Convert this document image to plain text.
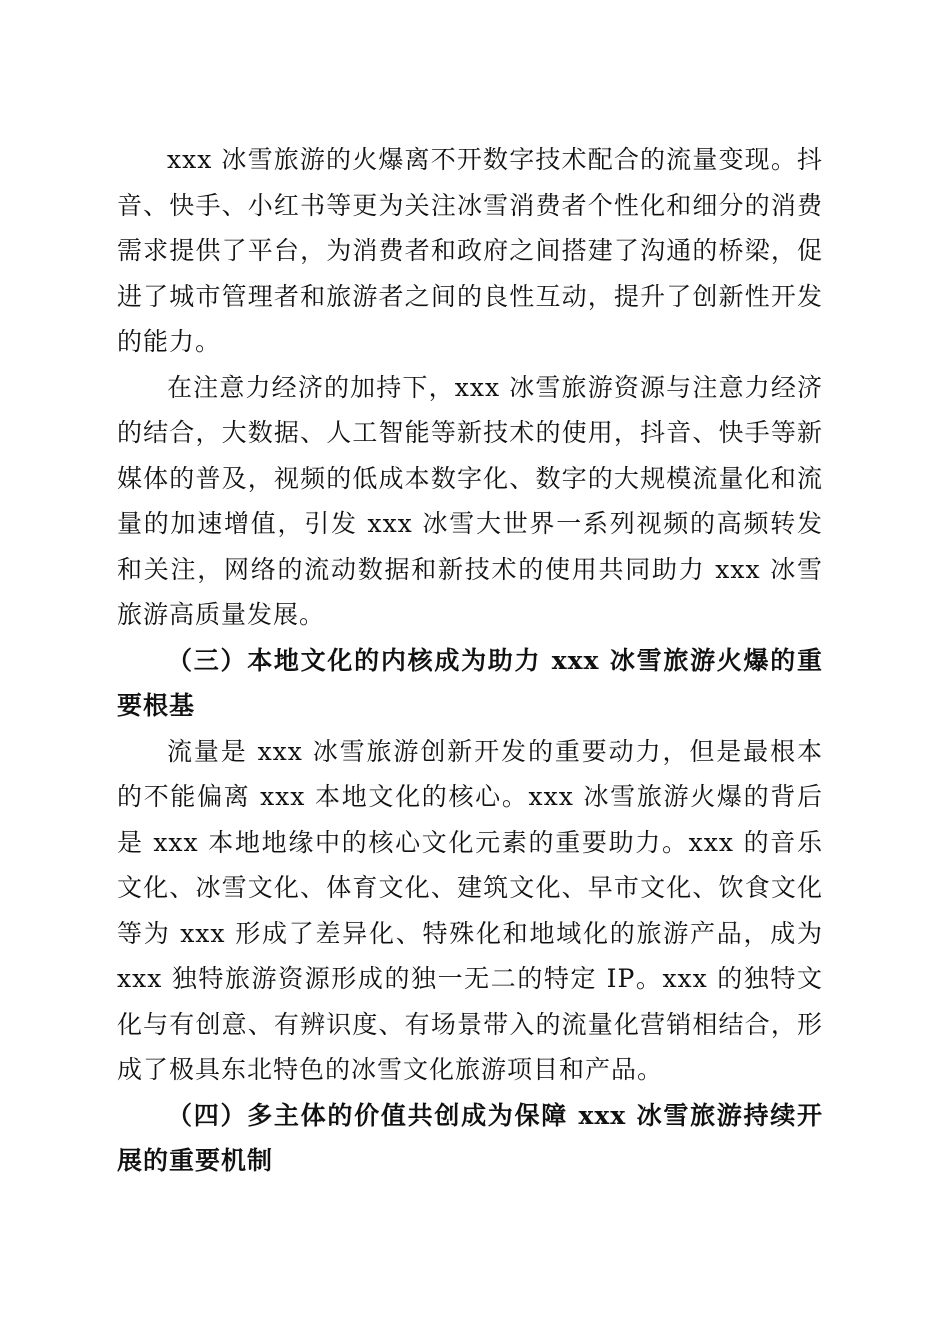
xxx 冰雪旅游的火爆离不开数字技术配合的流量变现。抖音、快手、小红书等更为关注冰雪消费者个性化和细分的消费需求提供了平台，为消费者和政府之间搭建了沟通的桥梁，促进了城市管理者和旅游者之间的良性互动，提升了创新性开发的能力。

在注意力经济的加持下，xxx 冰雪旅游资源与注意力经济的结合，大数据、人工智能等新技术的使用，抖音、快手等新媒体的普及，视频的低成本数字化、数字的大规模流量化和流量的加速增值，引发 xxx 冰雪大世界一系列视频的高频转发和关注，网络的流动数据和新技术的使用共同助力 xxx 冰雪旅游高质量发展。

（三）本地文化的内核成为助力 xxx 冰雪旅游火爆的重要根基

流量是 xxx 冰雪旅游创新开发的重要动力，但是最根本的不能偏离 xxx 本地文化的核心。xxx 冰雪旅游火爆的背后是 xxx 本地地缘中的核心文化元素的重要助力。xxx 的音乐文化、冰雪文化、体育文化、建筑文化、早市文化、饮食文化等为 xxx 形成了差异化、特殊化和地域化的旅游产品，成为 xxx 独特旅游资源形成的独一无二的特定 IP。xxx 的独特文化与有创意、有辨识度、有场景带入的流量化营销相结合，形成了极具东北特色的冰雪文化旅游项目和产品。

（四）多主体的价值共创成为保障 xxx 冰雪旅游持续开展的重要机制
